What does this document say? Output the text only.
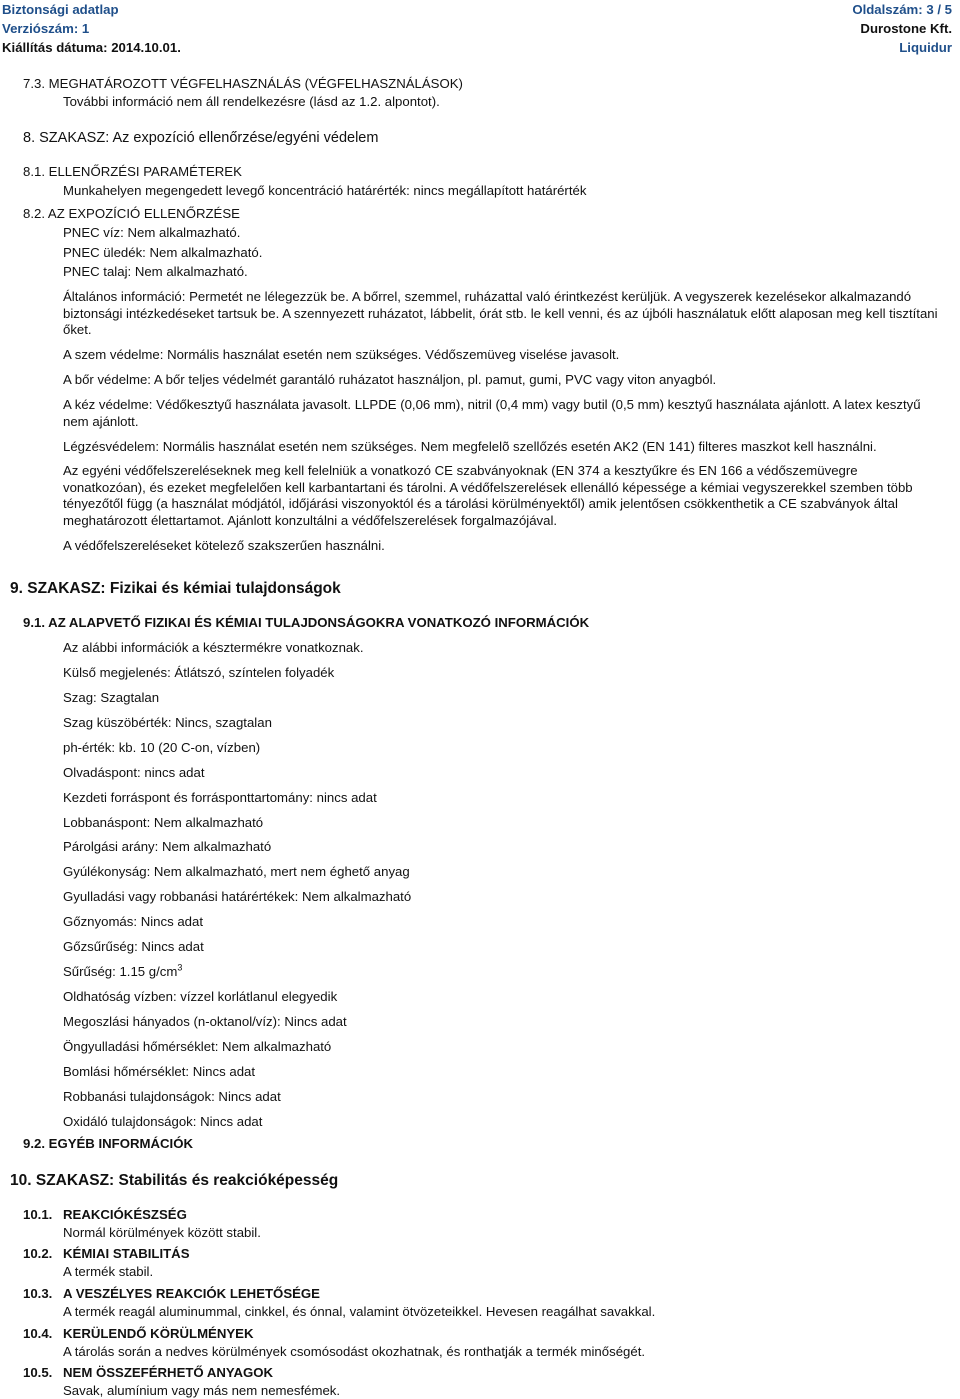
Biztonsági adatlap
Verziószám: 1
Kiállítás dátuma: 2014.10.01.
Oldalszám: 3 / 5
Durostone Kft.
Liquidur
7.3. MEGHATÁROZOTT VÉGFELHASZNÁLÁS (VÉGFELHASZNÁLÁSOK)
További információ nem áll rendelkezésre (lásd az 1.2. alpontot).
8. SZAKASZ: Az expozíció ellenőrzése/egyéni védelem
8.1. ELLENŐRZÉSI PARAMÉTEREK
Munkahelyen megengedett levegő koncentráció határérték: nincs megállapított határérték
8.2. AZ EXPOZÍCIÓ ELLENŐRZÉSE
PNEC víz: Nem alkalmazható.
PNEC üledék: Nem alkalmazható.
PNEC talaj: Nem alkalmazható.
Általános információ: Permetét ne lélegezzük be. A bőrrel, szemmel, ruházattal való érintkezést kerüljük. A vegyszerek kezelésekor alkalmazandó biztonsági intézkedéseket tartsuk be. A szennyezett ruházatot, lábbelit, órát stb. le kell venni, és az újbóli használatuk előtt alaposan meg kell tisztítani őket.
A szem védelme: Normális használat esetén nem szükséges. Védőszemüveg viselése javasolt.
A bőr védelme: A bőr teljes védelmét garantáló ruházatot használjon, pl. pamut, gumi, PVC vagy viton anyagból.
A kéz védelme: Védőkesztyű használata javasolt. LLPDE (0,06 mm), nitril (0,4 mm) vagy butil (0,5 mm) kesztyű használata ajánlott. A latex kesztyű nem ajánlott.
Légzésvédelem: Normális használat esetén nem szükséges. Nem megfelelõ szellőzés esetén AK2 (EN 141) filteres maszkot kell használni.
Az egyéni védőfelszereléseknek meg kell felelniük a vonatkozó CE szabványoknak (EN 374 a kesztyűkre és EN 166 a védőszemüvegre vonatkozóan), és ezeket megfelelően kell karbantartani és tárolni. A védőfelszerelések ellenálló képessége a kémiai vegyszerekkel szemben több tényezőtől függ (a használat módjától, időjárási viszonyoktól és a tárolási körülményektől) amik jelentősen csökkenthetik a CE szabványok által meghatározott élettartamot. Ajánlott konzultálni a védőfelszerelések forgalmazójával.
A védőfelszereléseket kötelező szakszerűen használni.
9. SZAKASZ: Fizikai és kémiai tulajdonságok
9.1. AZ ALAPVETŐ FIZIKAI ÉS KÉMIAI TULAJDONSÁGOKRA VONATKOZÓ INFORMÁCIÓK
Az alábbi információk a késztermékre vonatkoznak.
Külső megjelenés: Átlátszó, színtelen folyadék
Szag: Szagtalan
Szag küszöbérték: Nincs, szagtalan
ph-érték: kb. 10 (20 C-on, vízben)
Olvadáspont: nincs adat
Kezdeti forráspont és forrásponttartomány: nincs adat
Lobbanáspont: Nem alkalmazható
Párolgási arány: Nem alkalmazható
Gyúlékonyság: Nem alkalmazható, mert nem éghető anyag
Gyulladási vagy robbanási határértékek: Nem alkalmazható
Gőznyomás: Nincs adat
Gőzsűrűség: Nincs adat
Sűrűség: 1.15 $g/cm^3$
Oldhatóság vízben: vízzel korlátlanul elegyedik
Megoszlási hányados (n-oktanol/víz): Nincs adat
Öngyulladási hőmérséklet: Nem alkalmazható
Bomlási hőmérséklet: Nincs adat
Robbanási tulajdonságok: Nincs adat
Oxidáló tulajdonságok: Nincs adat
9.2. EGYÉB INFORMÁCIÓK
10. SZAKASZ: Stabilitás és reakcióképesség
10.1. REAKCIÓKÉSZSÉG
Normál körülmények között stabil.
10.2. KÉMIAI STABILITÁS
A termék stabil.
10.3. A VESZÉLYES REAKCIÓK LEHETŐSÉGE
A termék reagál aluminummal, cinkkel, és ónnal, valamint ötvözeteikkel. Hevesen reagálhat savakkal.
10.4. KERÜLENDŐ KÖRÜLMÉNYEK
A tárolás során a nedves körülmények csomósodást okozhatnak, és ronthatják a termék minőségét.
10.5. NEM ÖSSZEFÉRHETŐ ANYAGOK
Savak, alumínium vagy más nem nemesfémek.
